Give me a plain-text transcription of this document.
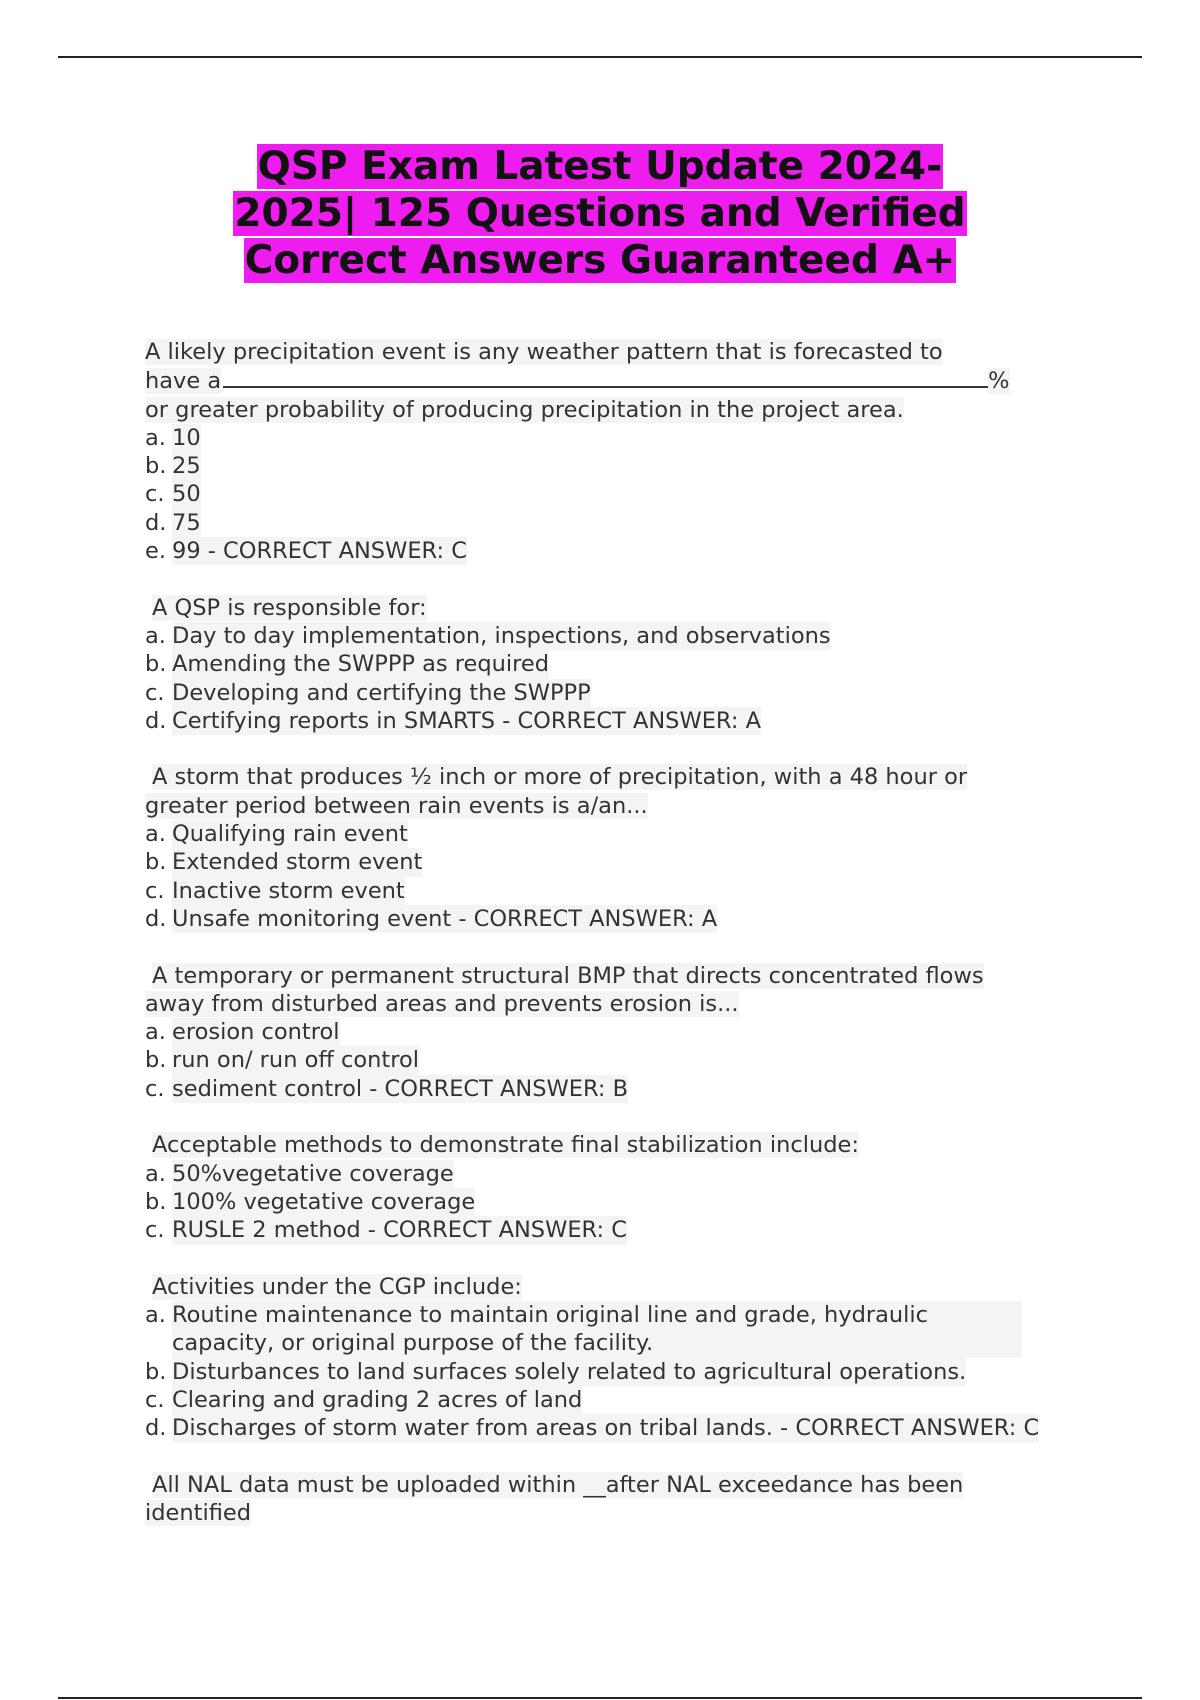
QSP Exam Latest Update 2024-
2025| 125 Questions and Verified
Correct Answers Guaranteed A+
A likely precipitation event is any weather pattern that is forecasted to
have a	%
or greater probability of producing precipitation in the project area.
a. 10
b. 25
c. 50
d. 75
e. 99 - CORRECT ANSWER: C
A QSP is responsible for:
a. Day to day implementation, inspections, and observations
b. Amending the SWPPP as required
c. Developing and certifying the SWPPP
d. Certifying reports in SMARTS - CORRECT ANSWER: A
A storm that produces ½ inch or more of precipitation, with a 48 hour or
greater period between rain events is a/an...
a. Qualifying rain event
b. Extended storm event
c. Inactive storm event
d. Unsafe monitoring event - CORRECT ANSWER: A
A temporary or permanent structural BMP that directs concentrated flows
away from disturbed areas and prevents erosion is...
a. erosion control
b. run on/ run off control
c. sediment control - CORRECT ANSWER: B
Acceptable methods to demonstrate final stabilization include:
a. 50%vegetative coverage
b. 100% vegetative coverage
c. RUSLE 2 method - CORRECT ANSWER: C
Activities under the CGP include:
a. Routine maintenance to maintain original line and grade, hydraulic capacity, or original purpose of the facility.
b. Disturbances to land surfaces solely related to agricultural operations.
c. Clearing and grading 2 acres of land
d. Discharges of storm water from areas on tribal lands. - CORRECT ANSWER: C
All NAL data must be uploaded within __after NAL exceedance has been
identified
